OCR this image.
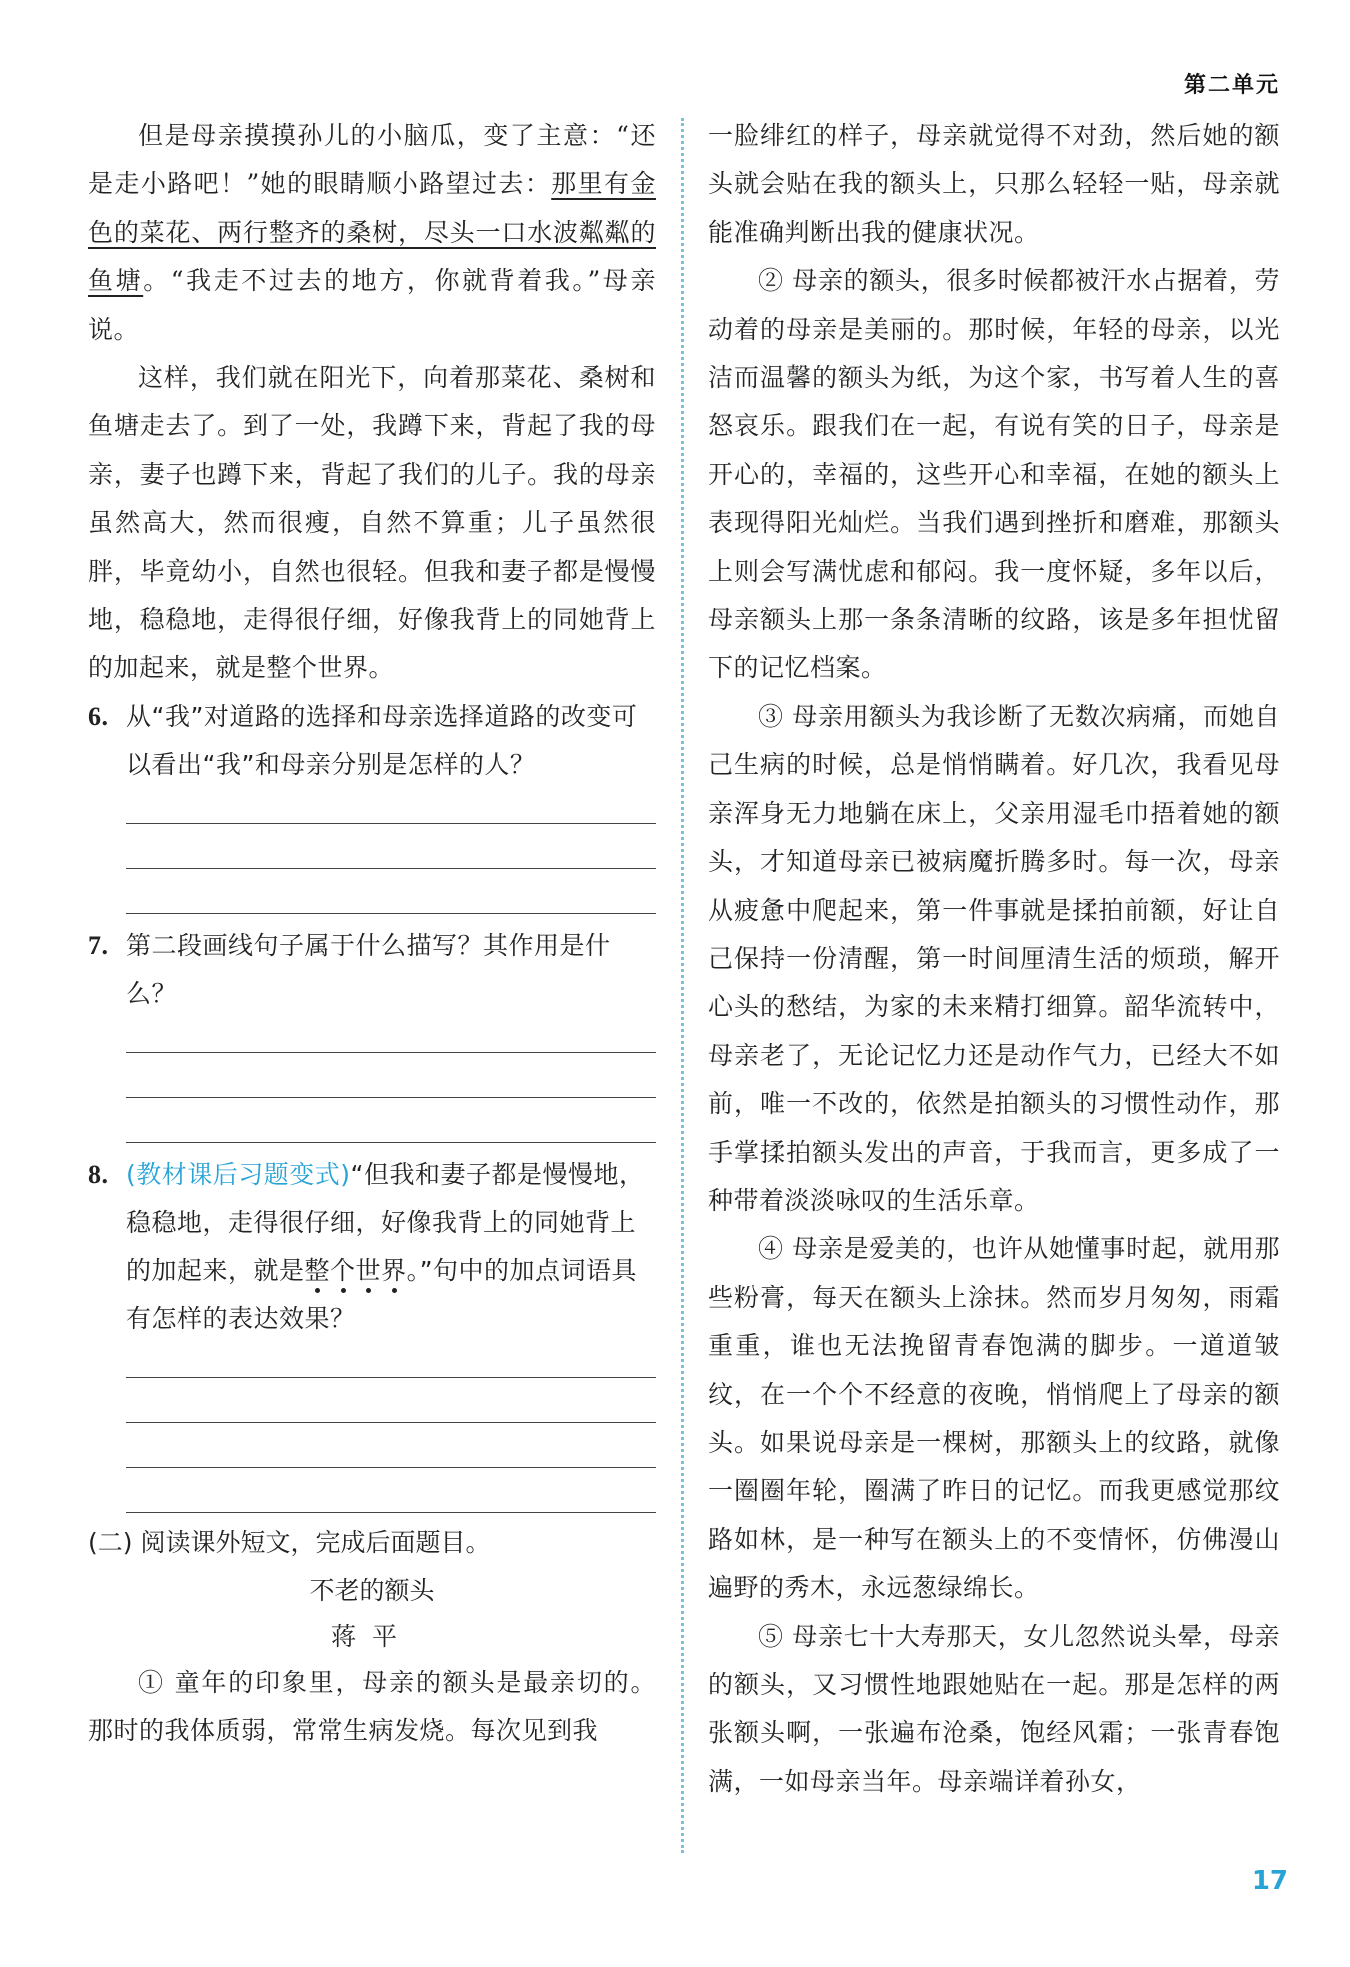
第二单元

但是母亲摸摸孙儿的小脑瓜，变了主意：“还是走小路吧！”她的眼睛顺小路望过去：那里有金色的菜花、两行整齐的桑树，尽头一口水波粼粼的鱼塘。“我走不过去的地方，你就背着我。”母亲说。

这样，我们就在阳光下，向着那菜花、桑树和鱼塘走去了。到了一处，我蹲下来，背起了我的母亲，妻子也蹲下来，背起了我们的儿子。我的母亲虽然高大，然而很瘦，自然不算重；儿子虽然很胖，毕竟幼小，自然也很轻。但我和妻子都是慢慢地，稳稳地，走得很仔细，好像我背上的同她背上的加起来，就是整个世界。

6. 从“我”对道路的选择和母亲选择道路的改变可以看出“我”和母亲分别是怎样的人？
7. 第二段画线句子属于什么描写？其作用是什么？
8. (教材课后习题变式)“但我和妻子都是慢慢地，稳稳地，走得很仔细，好像我背上的同她背上的加起来，就是整个世界。”句中的加点词语具有怎样的表达效果？

(二) 阅读课外短文，完成后面题目。

不老的额头

蒋平

① 童年的印象里，母亲的额头是最亲切的。那时的我体质弱，常常生病发烧。每次见到我

一脸绯红的样子，母亲就觉得不对劲，然后她的额头就会贴在我的额头上，只那么轻轻一贴，母亲就能准确判断出我的健康状况。

② 母亲的额头，很多时候都被汗水占据着，劳动着的母亲是美丽的。那时候，年轻的母亲，以光洁而温馨的额头为纸，为这个家，书写着人生的喜怒哀乐。跟我们在一起，有说有笑的日子，母亲是开心的，幸福的，这些开心和幸福，在她的额头上表现得阳光灿烂。当我们遇到挫折和磨难，那额头上则会写满忧虑和郁闷。我一度怀疑，多年以后，母亲额头上那一条条清晰的纹路，该是多年担忧留下的记忆档案。

③ 母亲用额头为我诊断了无数次病痛，而她自己生病的时候，总是悄悄瞒着。好几次，我看见母亲浑身无力地躺在床上，父亲用湿毛巾捂着她的额头，才知道母亲已被病魔折腾多时。每一次，母亲从疲惫中爬起来，第一件事就是揉拍前额，好让自己保持一份清醒，第一时间厘清生活的烦琐，解开心头的愁结，为家的未来精打细算。韶华流转中，母亲老了，无论记忆力还是动作气力，已经大不如前，唯一不改的，依然是拍额头的习惯性动作，那手掌揉拍额头发出的声音，于我而言，更多成了一种带着淡淡咏叹的生活乐章。

④ 母亲是爱美的，也许从她懂事时起，就用那些粉膏，每天在额头上涂抹。然而岁月匆匆，雨霜重重，谁也无法挽留青春饱满的脚步。一道道皱纹，在一个个不经意的夜晚，悄悄爬上了母亲的额头。如果说母亲是一棵树，那额头上的纹路，就像一圈圈年轮，圈满了昨日的记忆。而我更感觉那纹路如林，是一种写在额头上的不变情怀，仿佛漫山遍野的秀木，永远葱绿绵长。

⑤ 母亲七十大寿那天，女儿忽然说头晕，母亲的额头，又习惯性地跟她贴在一起。那是怎样的两张额头啊，一张遍布沧桑，饱经风霜；一张青春饱满，一如母亲当年。母亲端详着孙女，

17
